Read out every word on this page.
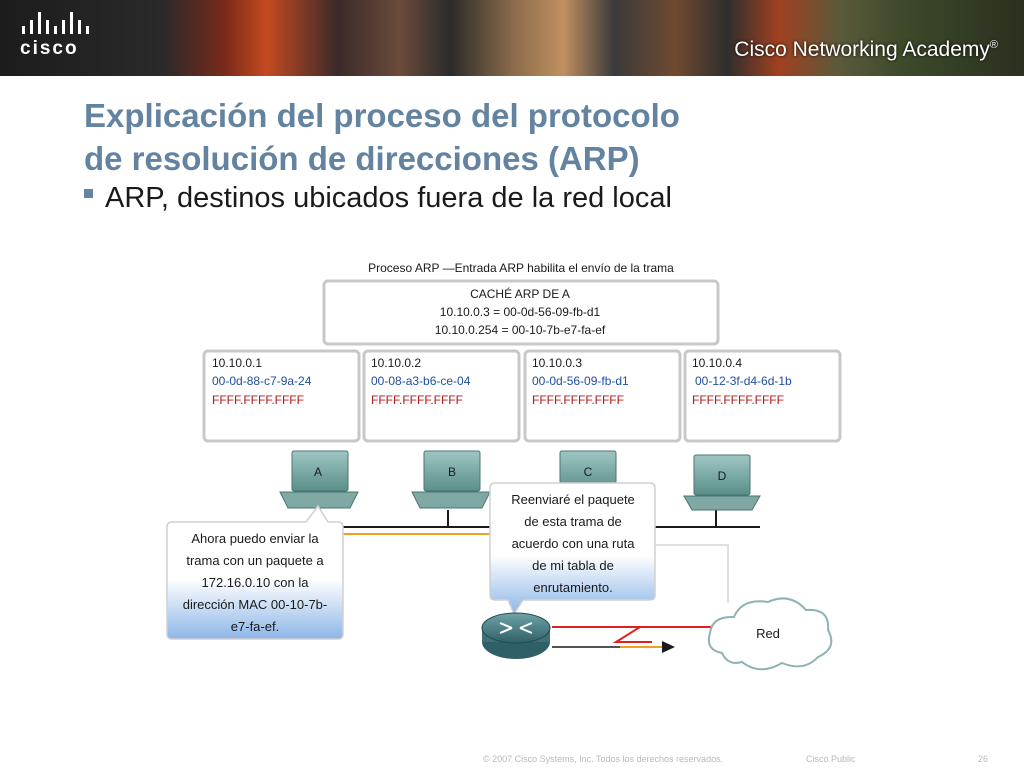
cisco	Cisco Networking Academy®
Explicación del proceso del protocolo
de resolución de direcciones (ARP)
ARP, destinos ubicados fuera de la red local
Proceso ARP —Entrada ARP habilita el envío de la trama
CACHÉ ARP DE A
10.10.0.3 = 00-0d-56-09-fb-d1
10.10.0.254 = 00-10-7b-e7-fa-ef
10.10.0.1
00-0d-88-c7-9a-24
FFFF.FFFF.FFFF
10.10.0.2
00-08-a3-b6-ce-04
FFFF.FFFF.FFFF
10.10.0.3
00-0d-56-09-fb-d1
FFFF.FFFF.FFFF
10.10.0.4
00-12-3f-d4-6d-1b
FFFF.FFFF.FFFF
A	B	C	D
Ahora puedo enviar la
trama con un paquete a
172.16.0.10 con la
dirección MAC 00-10-7b-
e7-fa-ef.
Reenviaré el paquete
de esta trama de
acuerdo con una ruta
de mi tabla de
enrutamiento.
Red
© 2007 Cisco Systems, Inc. Todos los derechos reservados.	Cisco Public	26
